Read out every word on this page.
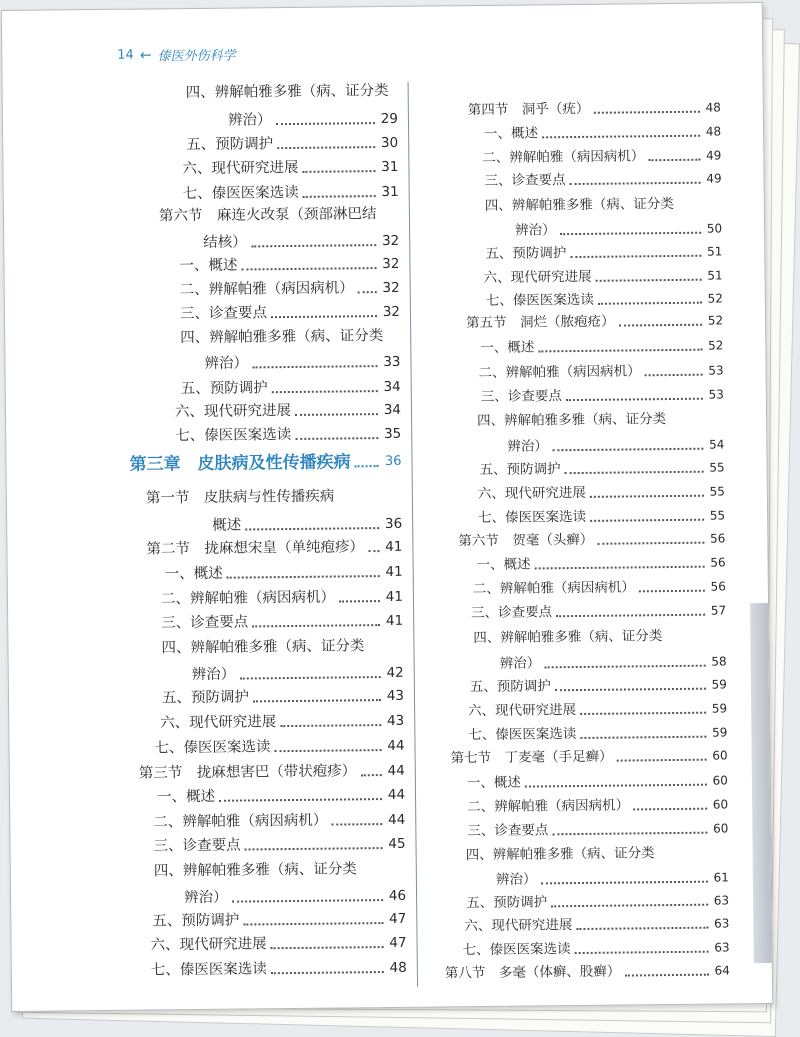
14 ← 傣医外伤科学
四、辨解帕雅多雅（病、证分类
辨治）	29
五、预防调护	30
六、现代研究进展	31
七、傣医医案选读	31
第六节　麻连火改泵（颈部淋巴结
结核）	32
一、概述	32
二、辨解帕雅（病因病机） 32
三、诊查要点	32
四、辨解帕雅多雅（病、证分类
辨治）	33
五、预防调护	34
六、现代研究进展	34
七、傣医医案选读	35
第三章　皮肤病及性传播疾病	36
第一节　皮肤病与性传播疾病
概述	36
第二节　拢麻想宋皇（单纯疱疹） 41
一、概述	41
二、辨解帕雅（病因病机）	41
三、诊查要点	41
四、辨解帕雅多雅（病、证分类
辨治）	42
五、预防调护	43
六、现代研究进展	43
七、傣医医案选读	44
第三节　拢麻想害巴（带状疱疹） 44
一、概述	44
二、辨解帕雅（病因病机）	44
三、诊查要点	45
四、辨解帕雅多雅（病、证分类
辨治）	46
五、预防调护	47
六、现代研究进展	47
七、傣医医案选读	48
第四节　洞乎（疣）	48
一、概述	48
二、辨解帕雅（病因病机）	49
三、诊查要点	49
四、辨解帕雅多雅（病、证分类
辨治）	50
五、预防调护	51
六、现代研究进展	51
七、傣医医案选读	52
第五节　洞烂（脓疱疮）	52
一、概述	52
二、辨解帕雅（病因病机）	53
三、诊查要点	53
四、辨解帕雅多雅（病、证分类
辨治）	54
五、预防调护	55
六、现代研究进展	55
七、傣医医案选读	55
第六节　贺毫（头癣）	56
一、概述	56
二、辨解帕雅（病因病机）	56
三、诊查要点	57
四、辨解帕雅多雅（病、证分类
辨治）	58
五、预防调护	59
六、现代研究进展	59
七、傣医医案选读	59
第七节　丁麦毫（手足癣）	60
一、概述	60
二、辨解帕雅（病因病机）	60
三、诊查要点	60
四、辨解帕雅多雅（病、证分类
辨治）	61
五、预防调护	63
六、现代研究进展	63
七、傣医医案选读	63
第八节　多毫（体癣、股癣）	64
